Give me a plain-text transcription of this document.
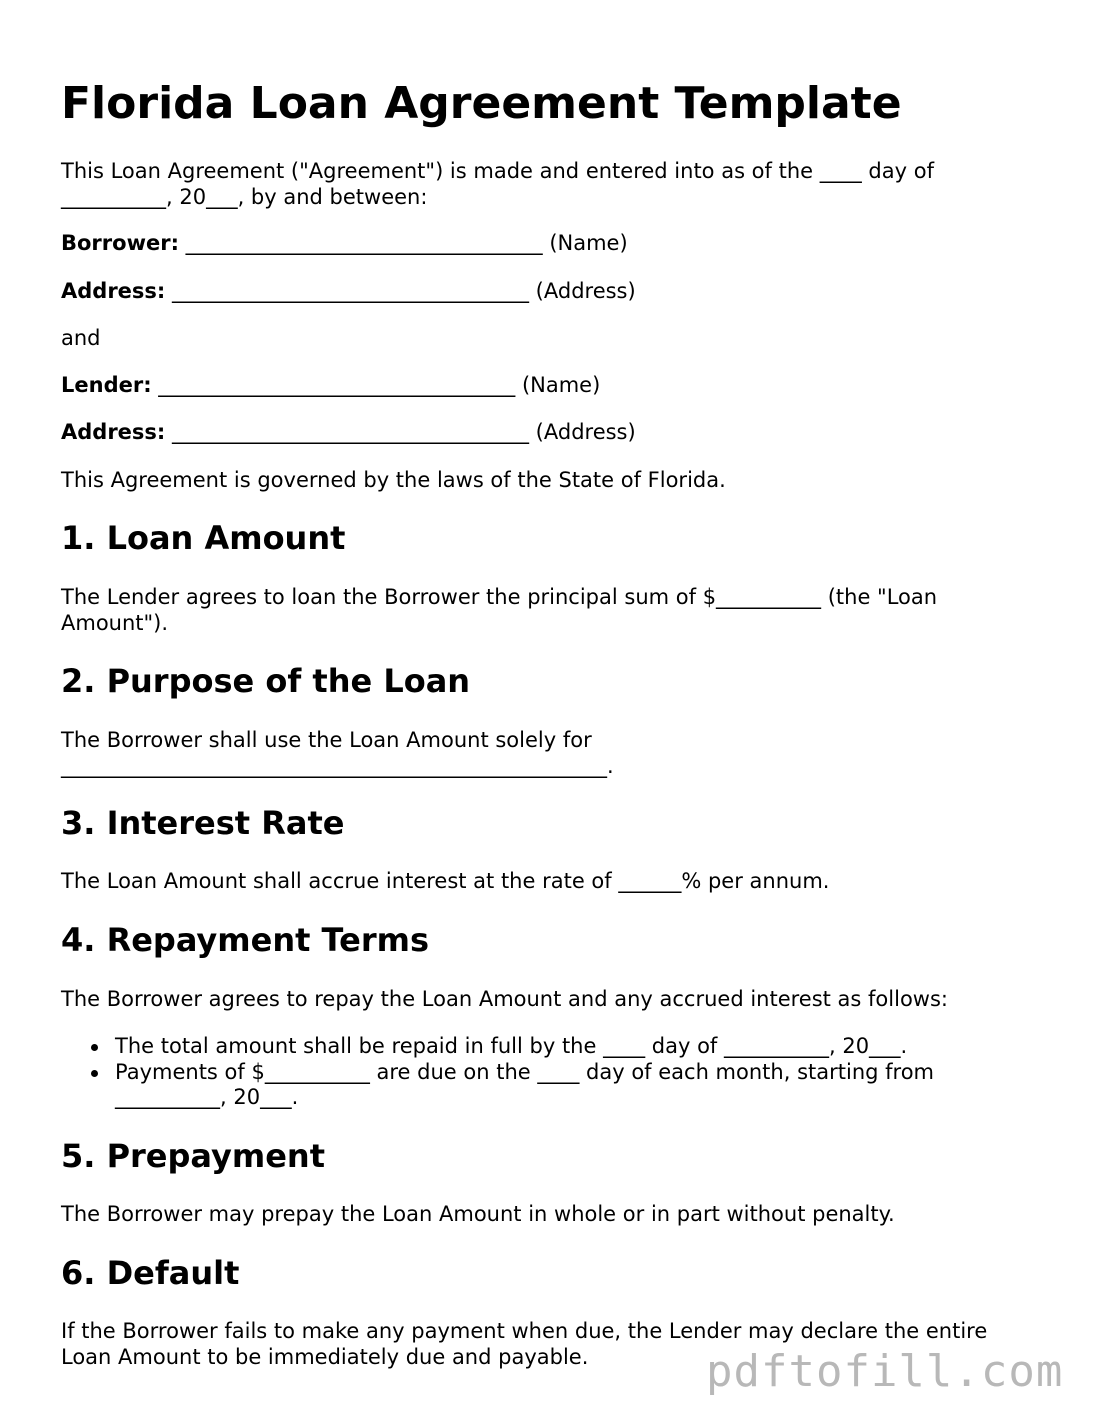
Florida Loan Agreement Template

This Loan Agreement ("Agreement") is made and entered into as of the ____ day of __________, 20___, by and between:

Borrower: __________________________________ (Name)

Address: __________________________________ (Address)

and

Lender: __________________________________ (Name)

Address: __________________________________ (Address)

This Agreement is governed by the laws of the State of Florida.

1. Loan Amount

The Lender agrees to loan the Borrower the principal sum of $__________ (the "Loan Amount").

2. Purpose of the Loan

The Borrower shall use the Loan Amount solely for ____________________________________________________.

3. Interest Rate

The Loan Amount shall accrue interest at the rate of ______% per annum.

4. Repayment Terms

The Borrower agrees to repay the Loan Amount and any accrued interest as follows:

The total amount shall be repaid in full by the ____ day of __________, 20___.
Payments of $__________ are due on the ____ day of each month, starting from __________, 20___.
5. Prepayment

The Borrower may prepay the Loan Amount in whole or in part without penalty.

6. Default

If the Borrower fails to make any payment when due, the Lender may declare the entire Loan Amount to be immediately due and payable.	pdftofill.com
